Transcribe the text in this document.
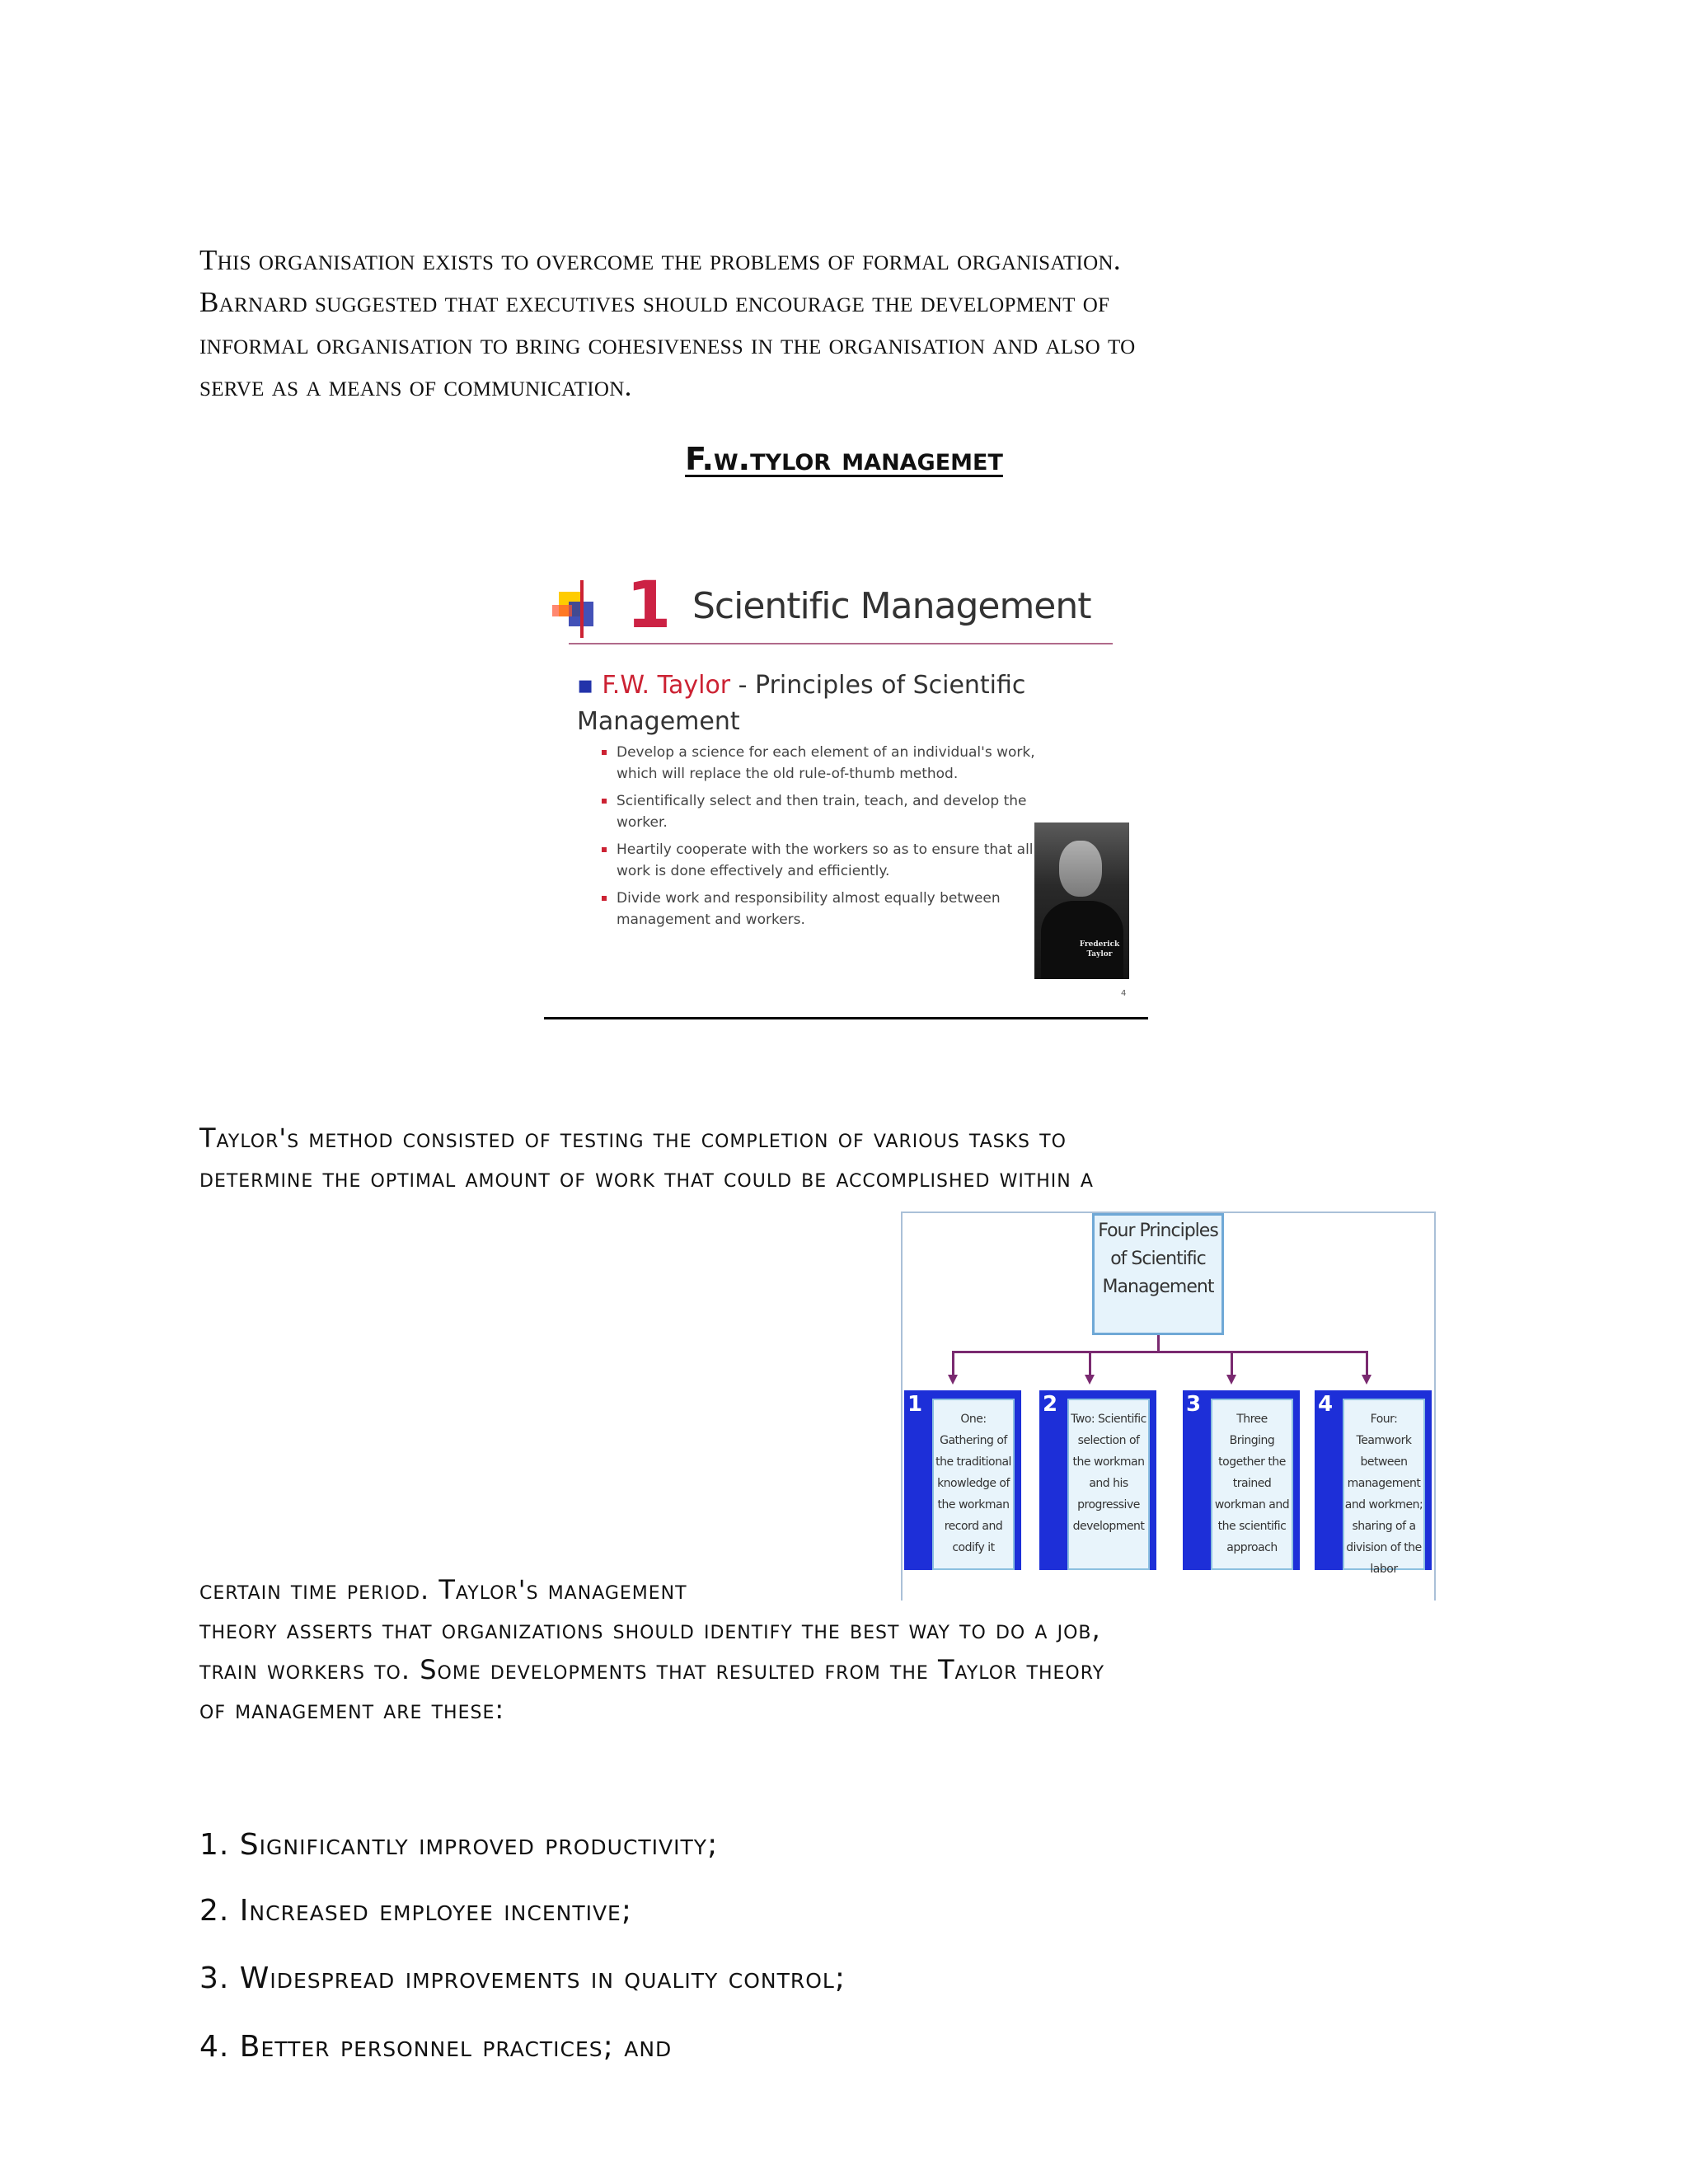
This organisation exists to overcome the problems of formal organisation.

Barnard suggested that executives should encourage the development of

informal organisation to bring cohesiveness in the organisation and also to

serve as a means of communication.

F.w.tylor managemet
1 Scientific Management
▪ F.W. Taylor - Principles of Scientific Management
Develop a science for each element of an individual's work, which will replace the old rule-of-thumb method.
Scientifically select and then train, teach, and develop the worker.
Heartily cooperate with the workers so as to ensure that all work is done effectively and efficiently.
Divide work and responsibility almost equally between management and workers.
Frederick Taylor
4
Taylor's method consisted of testing the completion of various tasks to
determine the optimal amount of work that could be accomplished within a
Four Principles of Scientific Management
1
One: Gathering of the traditional knowledge of the workman record and codify it
2
Two: Scientific selection of the workman and his progressive development
3
Three Bringing together the trained workman and the scientific approach
4
Four: Teamwork between management and workmen; sharing of a division of the labor
certain time period. Taylor's management
theory asserts that organizations should identify the best way to do a job,
train workers to. Some developments that resulted from the Taylor theory
of management are these:
1. Significantly improved productivity;
2. Increased employee incentive;
3. Widespread improvements in quality control;
4. Better personnel practices; and
